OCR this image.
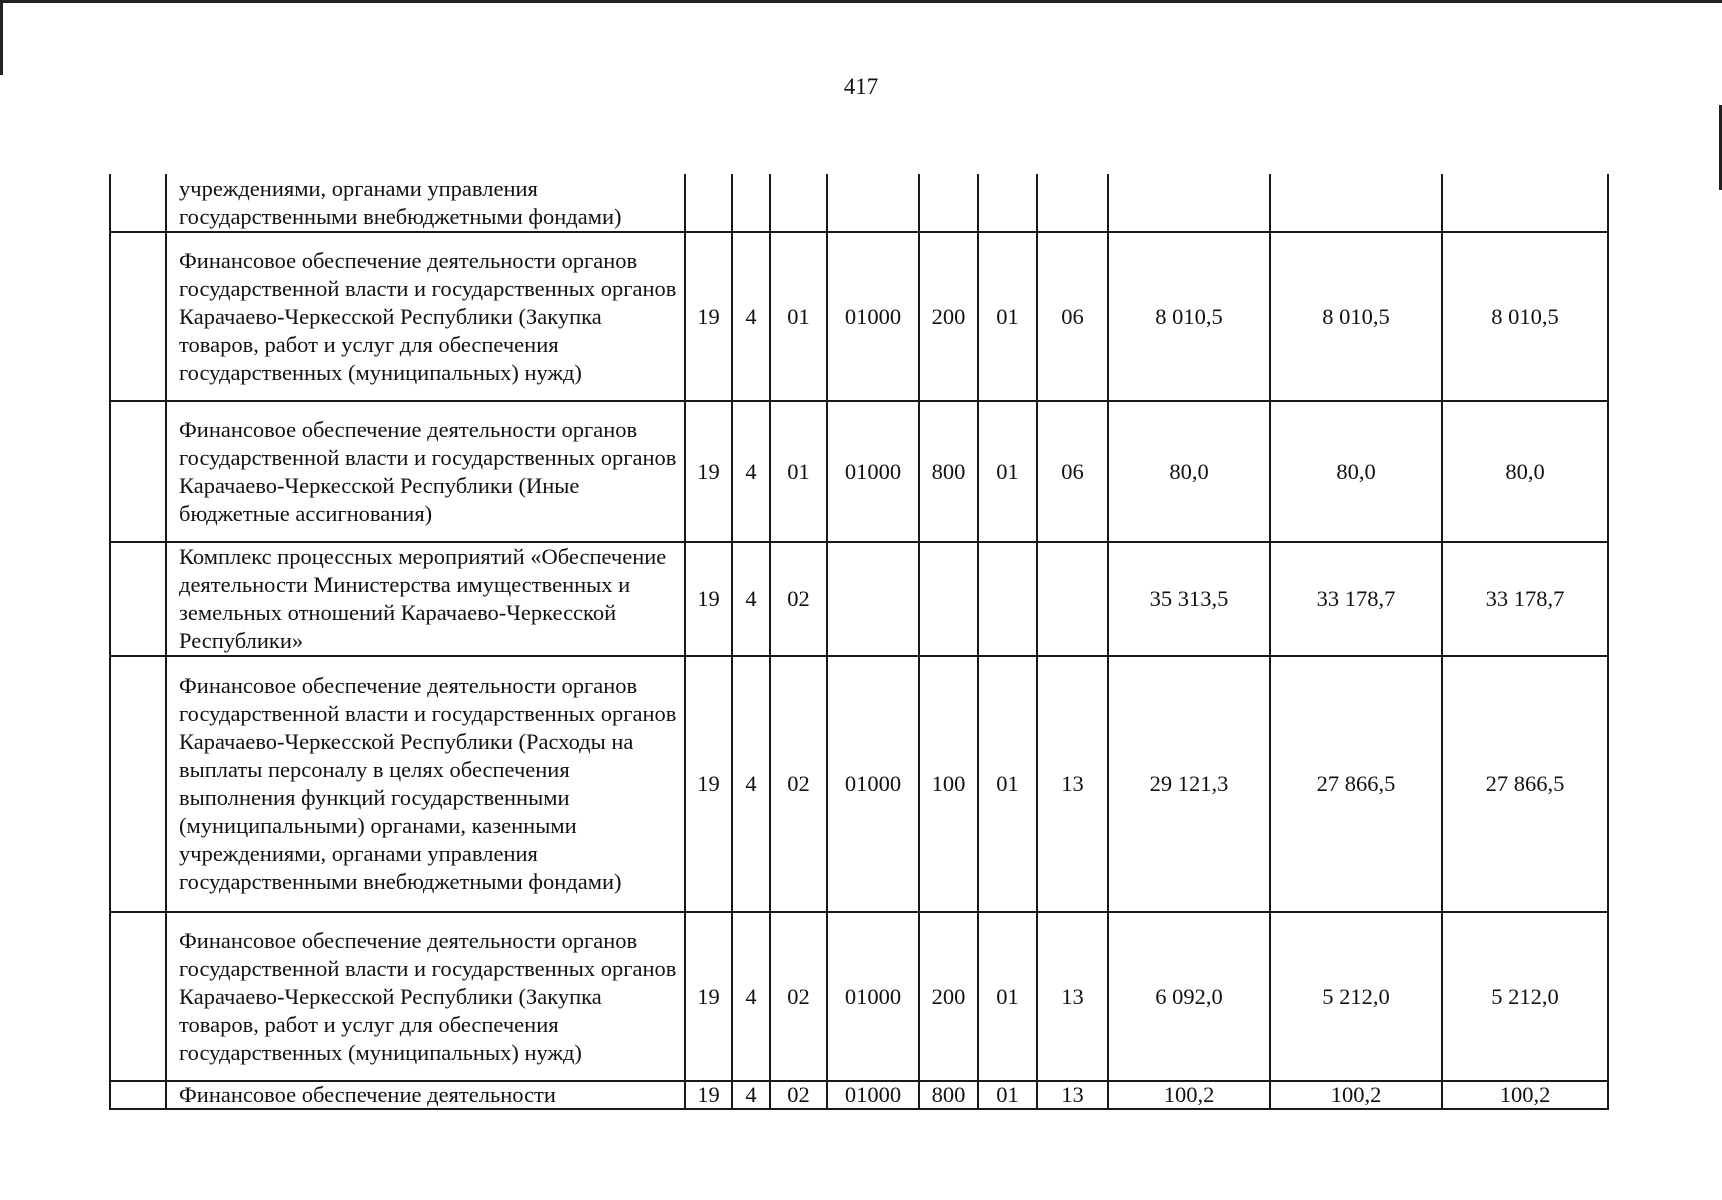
417
	учреждениями, органами управления государственными внебюджетными фондами)										
	Финансовое обеспечение деятельности органов государственной власти и государственных органов Карачаево-Черкесской Республики (Закупка товаров, работ и услуг для обеспечения государственных (муниципальных) нужд)	19	4	01	01000	200	01	06	8 010,5	8 010,5	8 010,5
	Финансовое обеспечение деятельности органов государственной власти и государственных органов Карачаево-Черкесской Республики (Иные бюджетные ассигнования)	19	4	01	01000	800	01	06	80,0	80,0	80,0
	Комплекс процессных мероприятий «Обеспечение деятельности Министерства имущественных и земельных отношений Карачаево-Черкесской Республики»	19	4	02					35 313,5	33 178,7	33 178,7
	Финансовое обеспечение деятельности органов государственной власти и государственных органов Карачаево-Черкесской Республики (Расходы на выплаты персоналу в целях обеспечения выполнения функций государственными (муниципальными) органами, казенными учреждениями, органами управления государственными внебюджетными фондами)	19	4	02	01000	100	01	13	29 121,3	27 866,5	27 866,5
	Финансовое обеспечение деятельности органов государственной власти и государственных органов Карачаево-Черкесской Республики (Закупка товаров, работ и услуг для обеспечения государственных (муниципальных) нужд)	19	4	02	01000	200	01	13	6 092,0	5 212,0	5 212,0
	Финансовое обеспечение деятельности	19	4	02	01000	800	01	13	100,2	100,2	100,2
